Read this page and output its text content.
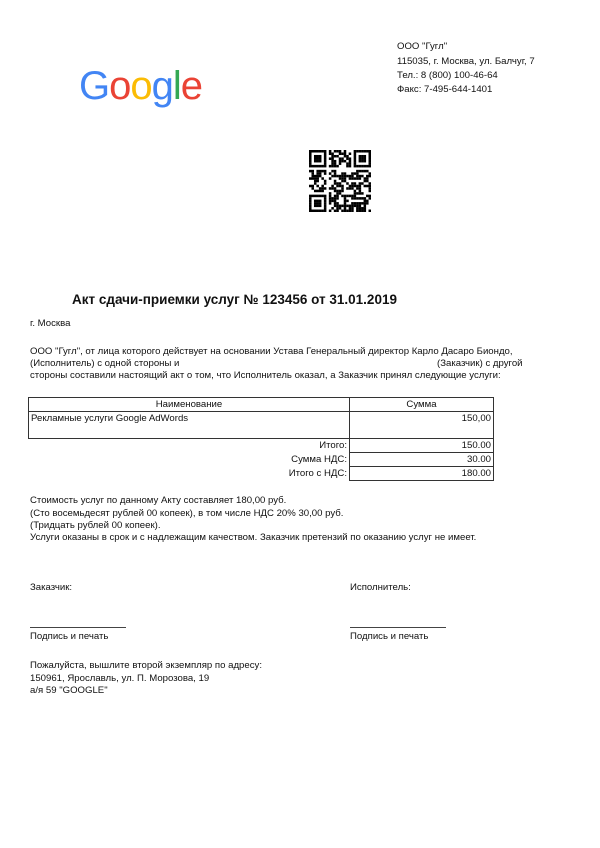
Google
ООО "Гугл"
115035, г. Москва, ул. Балчуг, 7
Тел.: 8 (800) 100-46-64
Факс: 7-495-644-1401
Акт сдачи-приемки услуг № 123456 от 31.01.2019
г. Москва
ООО "Гугл", от лица которого действует на основании Устава Генеральный директор Карло Дасаро Биондо,
(Исполнитель) с одной стороны и	(Заказчик) с другой
стороны составили настоящий акт о том, что Исполнитель оказал, а Заказчик принял следующие услуги:
Наименование	Сумма
Рекламные услуги Google AdWords	150,00
Итого:	150.00
Сумма НДС:	30.00
Итого с НДС:	180.00
Стоимость услуг по данному Акту составляет 180,00 руб.
(Сто восемьдесят рублей 00 копеек), в том числе НДС 20% 30,00 руб.
(Тридцать рублей 00 копеек).
Услуги оказаны в срок и с надлежащим качеством. Заказчик претензий по оказанию услуг не имеет.
Заказчик:	Исполнитель:
Подпись и печать	Подпись и печать
Пожалуйста, вышлите второй экземпляр по адресу:
150961, Ярославль, ул. П. Морозова, 19
а/я 59 "GOOGLE"
